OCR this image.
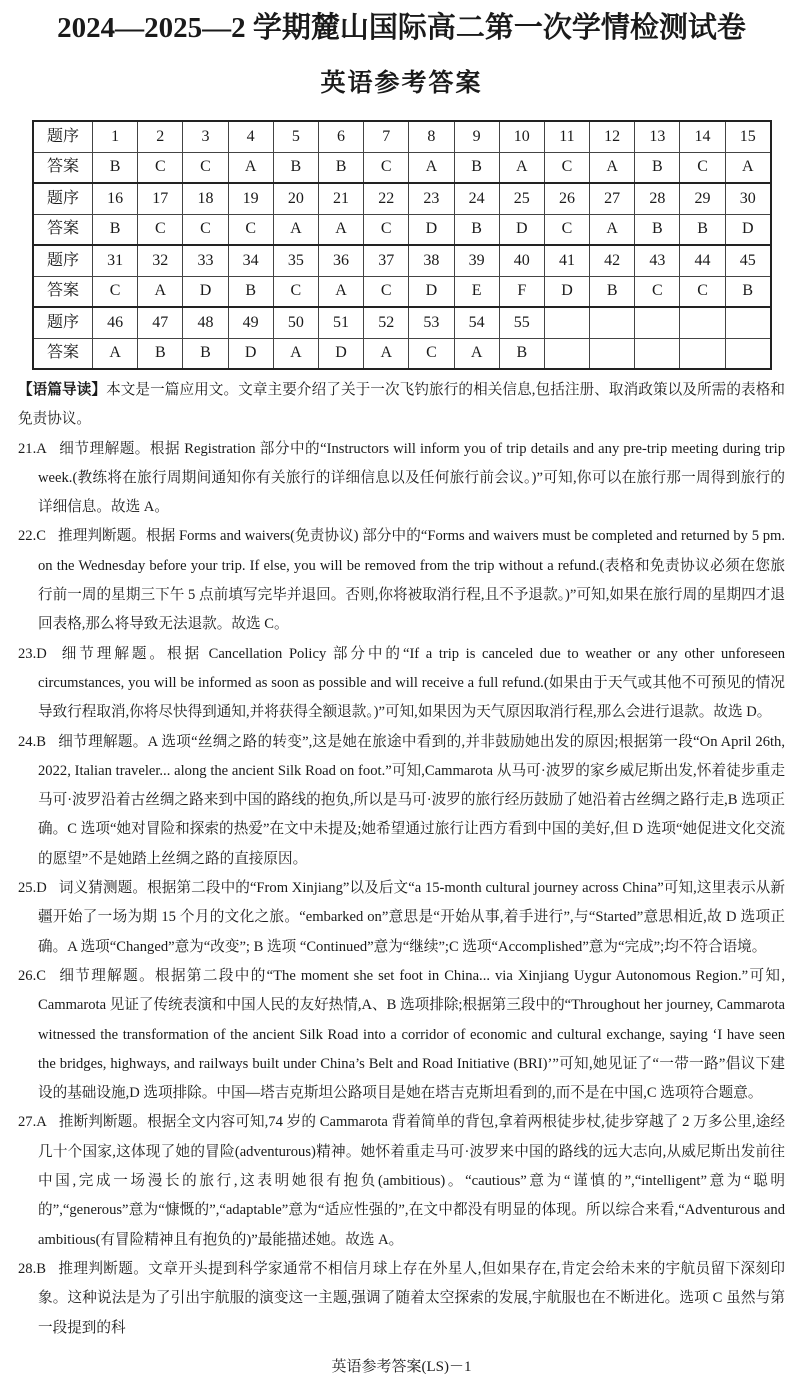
2024—2025—2 学期麓山国际高二第一次学情检测试卷
英语参考答案
题序	1	2	3	4	5	6	7	8	9	10	11	12	13	14	15
答案	B	C	C	A	B	B	C	A	B	A	C	A	B	C	A
题序	16	17	18	19	20	21	22	23	24	25	26	27	28	29	30
答案	B	C	C	C	A	A	C	D	B	D	C	A	B	B	D
题序	31	32	33	34	35	36	37	38	39	40	41	42	43	44	45
答案	C	A	D	B	C	A	C	D	E	F	D	B	C	C	B
题序	46	47	48	49	50	51	52	53	54	55					
答案	A	B	B	D	A	D	A	C	A	B					

【语篇导读】本文是一篇应用文。文章主要介绍了关于一次飞钓旅行的相关信息,包括注册、取消政策以及所需的表格和免责协议。

21.A 细节理解题。根据 Registration 部分中的“Instructors will inform you of trip details and any pre-trip meeting during trip week.(教练将在旅行周期间通知你有关旅行的详细信息以及任何旅行前会议。)”可知,你可以在旅行那一周得到旅行的详细信息。故选 A。

22.C 推理判断题。根据 Forms and waivers(免责协议) 部分中的“Forms and waivers must be completed and returned by 5 pm. on the Wednesday before your trip. If else, you will be removed from the trip without a refund.(表格和免责协议必须在您旅行前一周的星期三下午 5 点前填写完毕并退回。否则,你将被取消行程,且不予退款。)”可知,如果在旅行周的星期四才退回表格,那么将导致无法退款。故选 C。

23.D 细节理解题。根据 Cancellation Policy 部分中的“If a trip is canceled due to weather or any other unforeseen circumstances, you will be informed as soon as possible and will receive a full refund.(如果由于天气或其他不可预见的情况导致行程取消,你将尽快得到通知,并将获得全额退款。)”可知,如果因为天气原因取消行程,那么会进行退款。故选 D。

24.B 细节理解题。A 选项“丝绸之路的转变”,这是她在旅途中看到的,并非鼓励她出发的原因;根据第一段“On April 26th, 2022, Italian traveler... along the ancient Silk Road on foot.”可知,Cammarota 从马可·波罗的家乡威尼斯出发,怀着徒步重走马可·波罗沿着古丝绸之路来到中国的路线的抱负,所以是马可·波罗的旅行经历鼓励了她沿着古丝绸之路行走,B 选项正确。C 选项“她对冒险和探索的热爱”在文中未提及;她希望通过旅行让西方看到中国的美好,但 D 选项“她促进文化交流的愿望”不是她踏上丝绸之路的直接原因。

25.D 词义猜测题。根据第二段中的“From Xinjiang”以及后文“a 15-month cultural journey across China”可知,这里表示从新疆开始了一场为期 15 个月的文化之旅。“embarked on”意思是“开始从事,着手进行”,与“Started”意思相近,故 D 选项正确。A 选项“Changed”意为“改变”; B 选项 “Continued”意为“继续”;C 选项“Accomplished”意为“完成”;均不符合语境。

26.C 细节理解题。根据第二段中的“The moment she set foot in China... via Xinjiang Uygur Autonomous Region.”可知, Cammarota 见证了传统表演和中国人民的友好热情,A、B 选项排除;根据第三段中的“Throughout her journey, Cammarota witnessed the transformation of the ancient Silk Road into a corridor of economic and cultural exchange, saying ‘I have seen the bridges, highways, and railways built under China’s Belt and Road Initiative (BRI)’”可知,她见证了“一带一路”倡议下建设的基础设施,D 选项排除。中国—塔吉克斯坦公路项目是她在塔吉克斯坦看到的,而不是在中国,C 选项符合题意。

27.A 推断判断题。根据全文内容可知,74 岁的 Cammarota 背着简单的背包,拿着两根徒步杖,徒步穿越了 2 万多公里,途经几十个国家,这体现了她的冒险(adventurous)精神。她怀着重走马可·波罗来中国的路线的远大志向,从威尼斯出发前往中国,完成一场漫长的旅行,这表明她很有抱负(ambitious)。“cautious”意为“谨慎的”,“intelligent”意为“聪明的”,“generous”意为“慷慨的”,“adaptable”意为“适应性强的”,在文中都没有明显的体现。所以综合来看,“Adventurous and ambitious(有冒险精神且有抱负的)”最能描述她。故选 A。

28.B 推理判断题。文章开头提到科学家通常不相信月球上存在外星人,但如果存在,肯定会给未来的宇航员留下深刻印象。这种说法是为了引出宇航服的演变这一主题,强调了随着太空探索的发展,宇航服也在不断进化。选项 C 虽然与第一段提到的科

英语参考答案(LS)－1
